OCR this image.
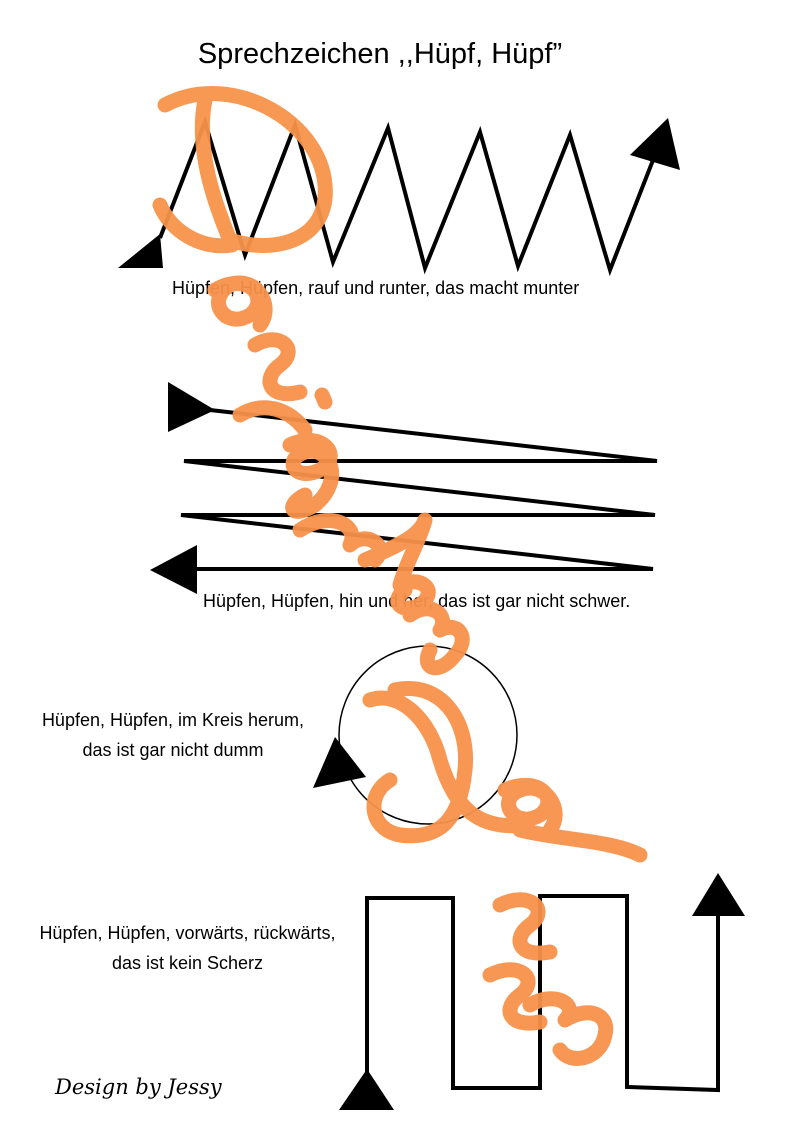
Sprechzeichen ,,Hüpf, Hüpf”
Hüpfen, Hüpfen, rauf und runter, das macht munter
Hüpfen, Hüpfen, hin und her, das ist gar nicht schwer.
Hüpfen, Hüpfen, im Kreis herum,
das ist gar nicht dumm
Hüpfen, Hüpfen, vorwärts, rückwärts,
das ist kein Scherz
Design by Jessy
